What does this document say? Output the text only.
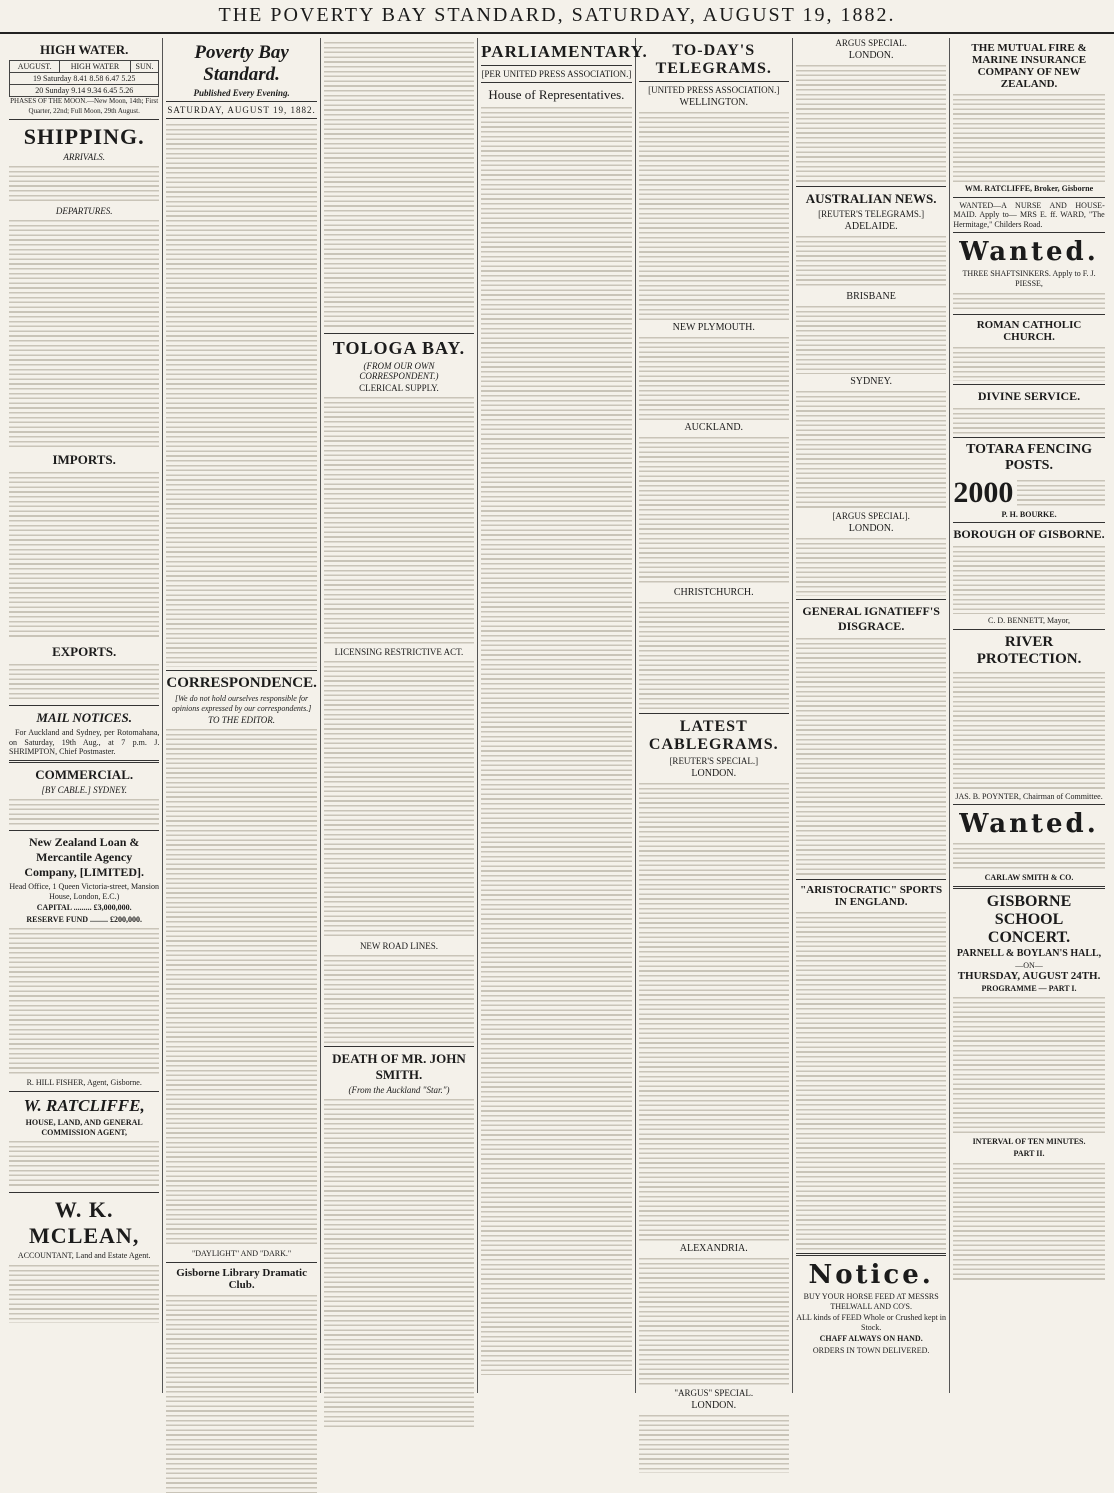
THE POVERTY BAY STANDARD, SATURDAY, AUGUST 19, 1882.
HIGH WATER.
AUGUST.	HIGH WATER	SUN.
19 Saturday 8.41 8.58 6.47 5.25
20 Sunday 9.14 9.34 6.45 5.26

PHASES OF THE MOON.—New Moon, 14th; First Quarter, 22nd; Full Moon, 29th August.

SHIPPING.
ARRIVALS.
DEPARTURES.
IMPORTS.
EXPORTS.
MAIL NOTICES.

For Auckland and Sydney, per Rotomahana, on Saturday, 19th Aug., at 7 p.m. J. SHRIMPTON, Chief Postmaster.

COMMERCIAL.
[BY CABLE.] SYDNEY.
New Zealand Loan & Mercantile Agency Company, [LIMITED].

Head Office, 1 Queen Victoria-street, Mansion House, London, E.C.)

CAPITAL ......... £3,000,000.

RESERVE FUND ......... £200,000.

R. HILL FISHER, Agent, Gisborne.

W. RATCLIFFE,

HOUSE, LAND, AND GENERAL COMMISSION AGENT,

W. K. MCLEAN,

ACCOUNTANT, Land and Estate Agent.

Poverty Bay Standard.
Published Every Evening.
SATURDAY, AUGUST 19, 1882.
CORRESPONDENCE.

[We do not hold ourselves responsible for opinions expressed by our correspondents.]

TO THE EDITOR.

"DAYLIGHT" AND "DARK."

Gisborne Library Dramatic Club.
TOLOGA BAY.
(FROM OUR OWN CORRESPONDENT.)
CLERICAL SUPPLY.
LICENSING RESTRICTIVE ACT.
NEW ROAD LINES.
DEATH OF MR. JOHN SMITH.
(From the Auckland "Star.")
PARLIAMENTARY.
[PER UNITED PRESS ASSOCIATION.]
House of Representatives.
TO-DAY'S TELEGRAMS.
[UNITED PRESS ASSOCIATION.]
WELLINGTON.
NEW PLYMOUTH.
AUCKLAND.
CHRISTCHURCH.
LATEST CABLEGRAMS.
[REUTER'S SPECIAL.]
LONDON.
ALEXANDRIA.
"ARGUS" SPECIAL.
LONDON.
ARGUS SPECIAL.
LONDON.
AUSTRALIAN NEWS.
[REUTER'S TELEGRAMS.]
ADELAIDE.
BRISBANE
SYDNEY.
[ARGUS SPECIAL].
LONDON.
GENERAL IGNATIEFF'S DISGRACE.
"ARISTOCRATIC" SPORTS IN ENGLAND.
Notice.

BUY YOUR HORSE FEED AT MESSRS THELWALL AND CO'S.

ALL kinds of FEED Whole or Crushed kept in Stock.

CHAFF ALWAYS ON HAND.

ORDERS IN TOWN DELIVERED.

THE MUTUAL FIRE & MARINE INSURANCE COMPANY OF NEW ZEALAND.

WM. RATCLIFFE, Broker, Gisborne

WANTED—A NURSE AND HOUSE-MAID. Apply to— MRS E. ff. WARD, "The Hermitage," Childers Road.

Wanted.

THREE SHAFTSINKERS. Apply to F. J. PIESSE,

ROMAN CATHOLIC CHURCH.
DIVINE SERVICE.
TOTARA FENCING POSTS.
2000

P. H. BOURKE.

BOROUGH OF GISBORNE.

C. D. BENNETT, Mayor,

RIVER PROTECTION.

JAS. B. POYNTER, Chairman of Committee.

Wanted.

CARLAW SMITH & CO.

GISBORNE SCHOOL CONCERT.

PARNELL & BOYLAN'S HALL,

—ON—

THURSDAY, AUGUST 24TH.

PROGRAMME — PART I.

INTERVAL OF TEN MINUTES.

PART II.
